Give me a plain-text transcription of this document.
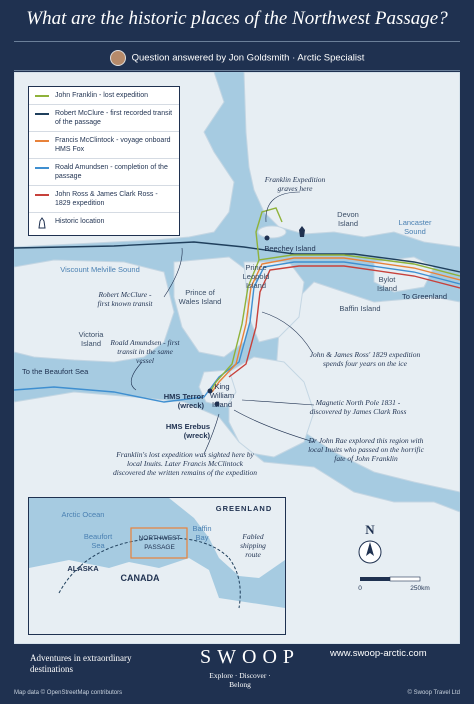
What are the historic places of the Northwest Passage?
Question answered by Jon Goldsmith · Arctic Specialist
N
0	250km
John Franklin - lost expedition
Robert McClure - first recorded transit of the passage
Francis McClintock - voyage onboard HMS Fox
Roald Amundsen - completion of the passage
John Ross & James Clark Ross - 1829 expedition
Historic location
Beechey Island
Devon Island	Lancaster Sound
Bylot Island
To Greenland
Viscount Melville Sound	Prince Leopold Island
Prince of Wales Island
Baffin Island
Victoria Island
To the Beaufort Sea
King William Island
HMS Terror (wreck)
HMS Erebus (wreck)
Franklin Expedition graves here
Robert McClure - first known transit
Roald Amundsen - first transit in the same vessel
John & James Ross' 1829 expedition spends four years on the ice
Magnetic North Pole 1831 - discovered by James Clark Ross
Dr John Rae explored this region with local Inuits who passed on the horrific fate of John Franklin
Franklin's lost expedition was sighted here by local Inuits. Later Francis McClintock discovered the written remains of the expedition
Arctic Ocean
GREENLAND
Beaufort Sea
Baffin Bay
ALASKA
CANADA
NORTHWEST PASSAGE
Fabled shipping route
Adventures in extraordinary destinations
SWOOP
Explore · Discover · Belong
www.swoop-arctic.com
Map data © OpenStreetMap contributors	© Swoop Travel Ltd
